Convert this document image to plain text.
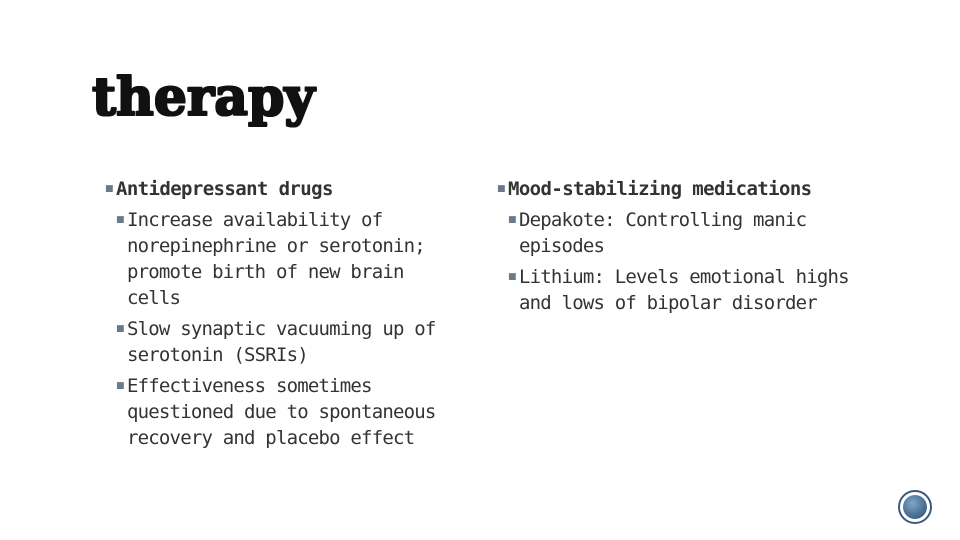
therapy
■ Antidepressant drugs
■ Increase availability of norepinephrine or serotonin; promote birth of new brain cells
■ Slow synaptic vacuuming up of serotonin (SSRIs)
■ Effectiveness sometimes questioned due to spontaneous recovery and placebo effect
■ Mood-stabilizing medications
■ Depakote: Controlling manic episodes
■ Lithium: Levels emotional highs and lows of bipolar disorder
